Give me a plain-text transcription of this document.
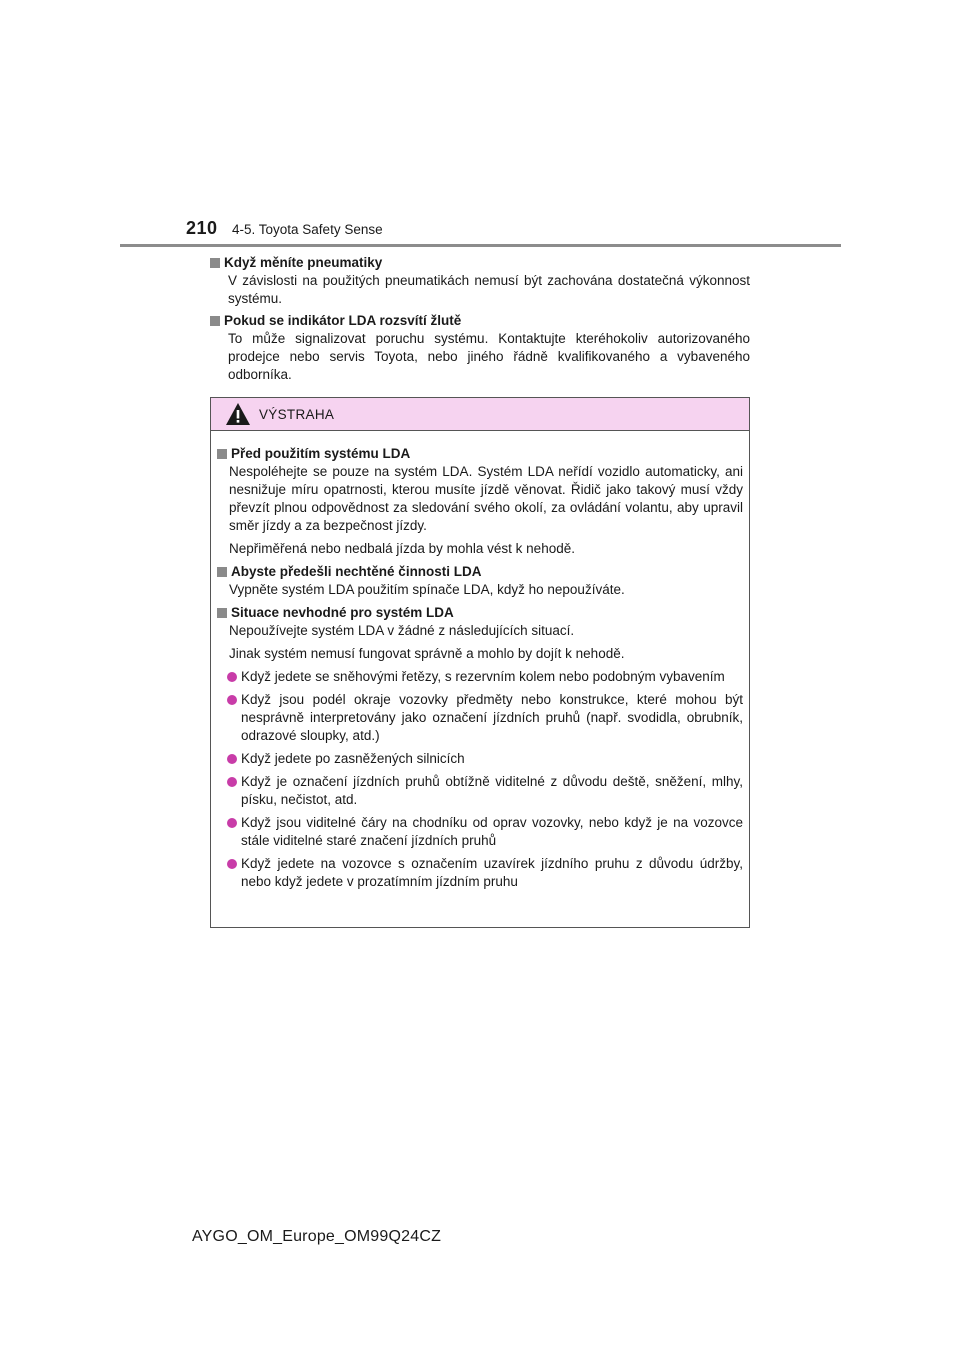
210 4-5. Toyota Safety Sense
Když měníte pneumatiky
V závislosti na použitých pneumatikách nemusí být zachována dostatečná výkonnost systému.
Pokud se indikátor LDA rozsvítí žlutě
To může signalizovat poruchu systému. Kontaktujte kteréhokoliv autorizovaného prodejce nebo servis Toyota, nebo jiného řádně kvalifikovaného a vybaveného odborníka.
VÝSTRAHA
Před použitím systému LDA
Nespoléhejte se pouze na systém LDA. Systém LDA neřídí vozidlo automaticky, ani nesnižuje míru opatrnosti, kterou musíte jízdě věnovat. Řidič jako takový musí vždy převzít plnou odpovědnost za sledování svého okolí, za ovládání volantu, aby upravil směr jízdy a za bezpečnost jízdy.
Nepřiměřená nebo nedbalá jízda by mohla vést k nehodě.
Abyste předešli nechtěné činnosti LDA
Vypněte systém LDA použitím spínače LDA, když ho nepoužíváte.
Situace nevhodné pro systém LDA
Nepoužívejte systém LDA v žádné z následujících situací.
Jinak systém nemusí fungovat správně a mohlo by dojít k nehodě.
Když jedete se sněhovými řetězy, s rezervním kolem nebo podobným vybavením
Když jsou podél okraje vozovky předměty nebo konstrukce, které mohou být nesprávně interpretovány jako označení jízdních pruhů (např. svodidla, obrubník, odrazové sloupky, atd.)
Když jedete po zasněžených silnicích
Když je označení jízdních pruhů obtížně viditelné z důvodu deště, sněžení, mlhy, písku, nečistot, atd.
Když jsou viditelné čáry na chodníku od oprav vozovky, nebo když je na vozovce stále viditelné staré značení jízdních pruhů
Když jedete na vozovce s označením uzavírek jízdního pruhu z důvodu údržby, nebo když jedete v prozatímním jízdním pruhu
AYGO_OM_Europe_OM99Q24CZ
